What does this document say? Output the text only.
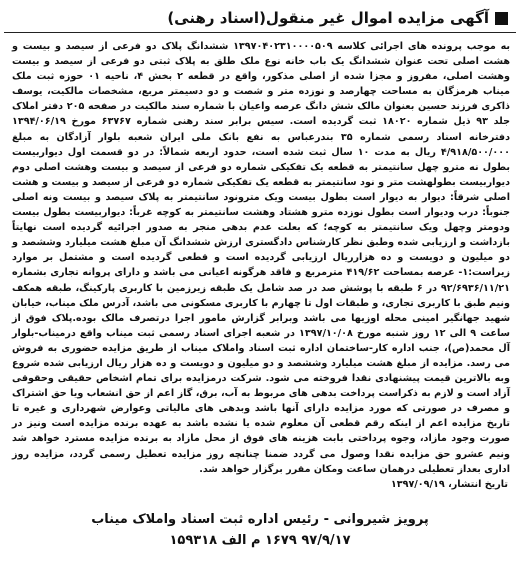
آگهی مزایده اموال غیر منقول(اسناد رهنی)
به موجب پرونده های اجرائی کلاسه ۱۳۹۷۰۴۰۲۳۱۰۰۰۰۵۰۹ ششدانگ پلاک دو فرعی از سیصد و بیست و هشت اصلی تحت عنوان ششدانگ یک باب خانه نوع ملک طلق به پلاک ثبتی دو فرعی از سیصد و بیست وهشت اصلی، مفروز و مجزا شده از اصلی مذکور، واقع در قطعه ۲ بخش ۴، ناحیه ۰۱ حوزه ثبت ملک میناب هرمزگان به مساحت چهارصد و نوزده متر و شصت و دو دسیمتر مربع، مشخصات مالکیت، یوسف ذاکری فرزند حسین بعنوان مالک شش دانگ عرصه واعیان با شماره سند مالکیت در صفحه ۲۰۵ دفتر املاک جلد ۹۳ ذیل شماره ۱۸۰۲۰ ثبت گردیده است. سیس برابر سند رهنی شماره ۶۳۷۶۷ مورخ ۱۳۹۴/۰۶/۱۹ دفترخانه اسناد رسمی شماره ۳۵ بندرعباس به نفع بانک ملی ایران شعبه بلوار آزادگان به مبلغ ۴/۹۱۸/۵۰۰/۰۰۰ ریال به مدت ۱۰ سال ثبت شده است، حدود اربعه شمالاً: در دو قسمت اول دیواربیست بطول نه مترو چهل سانتیمتر به قطعه یک تفکیکی شماره دو فرعی از سیصد و بیست وهشت اصلی دوم دیواربیست بطولهشت متر و نود سانتیمتر به قطعه یک تفکیکی شماره دو فرعی از سیصد و بیست و هشت اصلی شرقاً: دیوار به دیوار است بطول بیست ویک مترونود سانتیمتر به پلاک سیصد و بیست ونه اصلی جنوباً: درب ودیوار است بطول نوزده مترو هشتاد وهشت سانتیمتر به کوچه غرباً: دیواربیست بطول بیست ودومتر وچهل ویک سانتیمتر به کوچه؛ که بعلت عدم بدهی منجر به صدور اجرائیه گردیده است نهایتاً بازداشت و ارزیابی شده وطبق نظر کارشناس دادگستری ارزش ششدانگ آن مبلغ هشت میلیارد وششصد و دو میلیون و دویست و ده هزارریال ارزیابی گردیده است و قطعی گردیده است و مشتمل بر موارد زیراست:۱- عرصه بمساحت ۴۱۹/۶۲ مترمربع و فاقد هرگونه اعیانی می باشد و دارای پروانه تجاری بشماره ۹۲/۶۹۳۶/۱۱/۲۱ در ۶ طبقه با پوشش صد در صد شامل یک طبقه زیرزمین با کاربری پارکینگ، طبقه همکف ونیم طبق با کاربری تجاری، و طبقات اول تا چهارم با کاربری مسکونی می باشد، آدرس ملک میناب، خیابان شهید جهانگیر امینی محله اوزیها می باشد وبرابر گزارش مامور اجرا درتصرف مالک بوده.پلاک فوق از ساعت ۹ الی ۱۲ روز شنبه مورخ ۱۳۹۷/۱۰/۰۸ در شعبه اجرای اسناد رسمی ثبت میناب واقع درمیناب-بلوار آل محمد(ص)، جنب اداره کار-ساختمان اداره ثبت اسناد واملاک میناب از طریق مزایده حضوری به فروش می رسد. مزایده از مبلغ هشت میلیارد وششصد و دو میلیون و دویست و ده هزار ریال ارزیابی شده شروع وبه بالاترین قیمت پیشنهادی نقدا فروخته می شود. شرکت درمزایده برای تمام اشخاص حقیقی وحقوقی آزاد است و لازم به ذکراست پرداخت بدهی های مربوط به آب، برق، گاز اعم از حق انشعاب ویا حق اشتراک و مصرف در صورتی که مورد مزایده دارای آنها باشد وبدهی های مالیاتی وعوارض شهرداری و غیره تا تاریخ مزایده اعم از اینکه رقم قطعی آن معلوم شده یا نشده باشد به عهده برنده مزایده است ونیز در صورت وجود مازاد، وجوه پرداختی بابت هزینه های فوق از محل مازاد به برنده مزایده مسترد خواهد شد ونیم عشرو حق مزایده نقدا وصول می گردد ضمنا چنانچه روز مزایده تعطیل رسمی گردد، مزایده روز اداری بعداز تعطیلی درهمان ساعت ومکان مقرر برگزار خواهد شد.
تاریخ انتشار، ۱۳۹۷/۰۹/۱۹
پرویز شیروانی - رئیس اداره ثبت اسناد واملاک میناب
۹۷/۹/۱۷ ۱۶۷۹ م الف ۱۵۹۳۱۸
